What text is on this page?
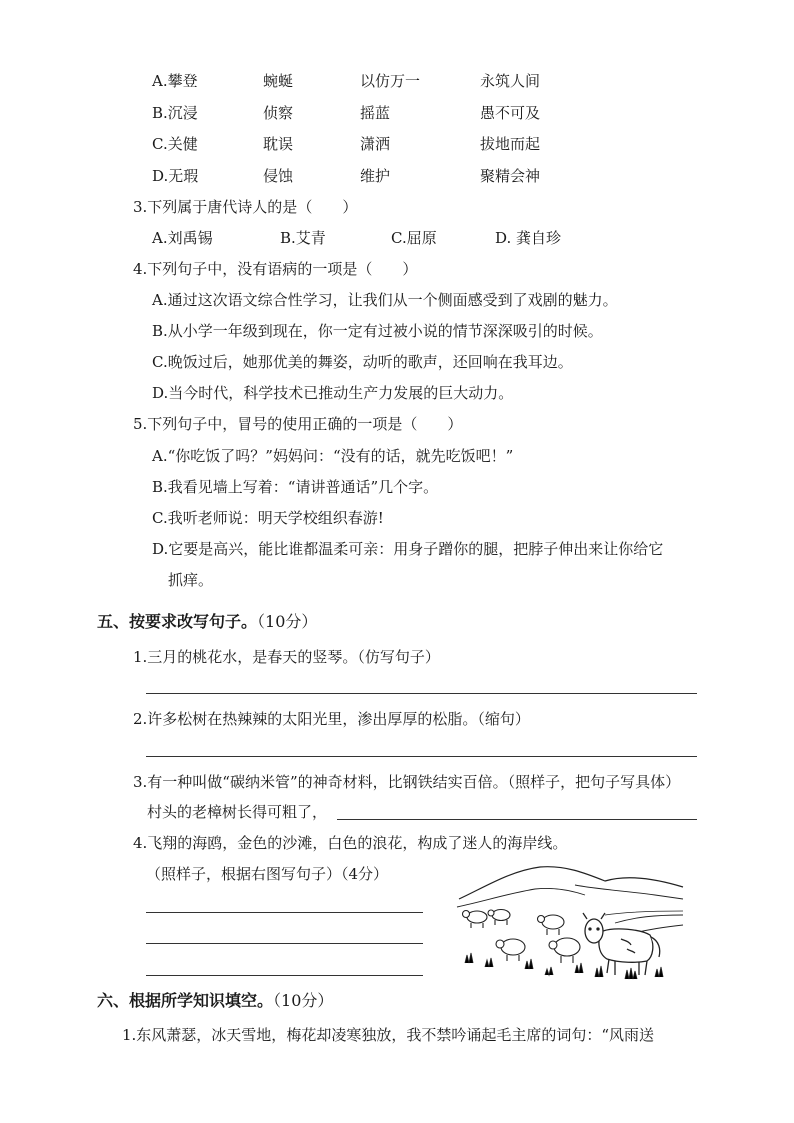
A.攀登	蜿蜒	以仿万一	永筑人间
B.沉浸	侦察	摇蓝	愚不可及
C.关健	耽误	潇洒	拔地而起
D.无瑕	侵蚀	维护	聚精会神
3.下列属于唐代诗人的是（　　）
A.刘禹锡	B.艾青	C.屈原	D. 龚自珍
4.下列句子中，没有语病的一项是（　　）
A.通过这次语文综合性学习，让我们从一个侧面感受到了戏剧的魅力。
B.从小学一年级到现在，你一定有过被小说的情节深深吸引的时候。
C.晚饭过后，她那优美的舞姿，动听的歌声，还回响在我耳边。
D.当今时代，科学技术已推动生产力发展的巨大动力。
5.下列句子中，冒号的使用正确的一项是（　　）
A.“你吃饭了吗？”妈妈问：“没有的话，就先吃饭吧！”
B.我看见墙上写着：“请讲普通话”几个字。
C.我听老师说：明天学校组织春游!
D.它要是高兴，能比谁都温柔可亲：用身子蹭你的腿，把脖子伸出来让你给它
抓痒。
五、按要求改写句子。（10分）
1.三月的桃花水，是春天的竖琴。（仿写句子）
2.许多松树在热辣辣的太阳光里，渗出厚厚的松脂。（缩句）
3.有一种叫做“碳纳米管”的神奇材料，比钢铁结实百倍。（照样子，把句子写具体）
村头的老樟树长得可粗了，
4.飞翔的海鸥，金色的沙滩，白色的浪花，构成了迷人的海岸线。
（照样子，根据右图写句子）（4分）
六、根据所学知识填空。（10分）
1.东风萧瑟，冰天雪地，梅花却凌寒独放，我不禁吟诵起毛主席的词句：“风雨送
